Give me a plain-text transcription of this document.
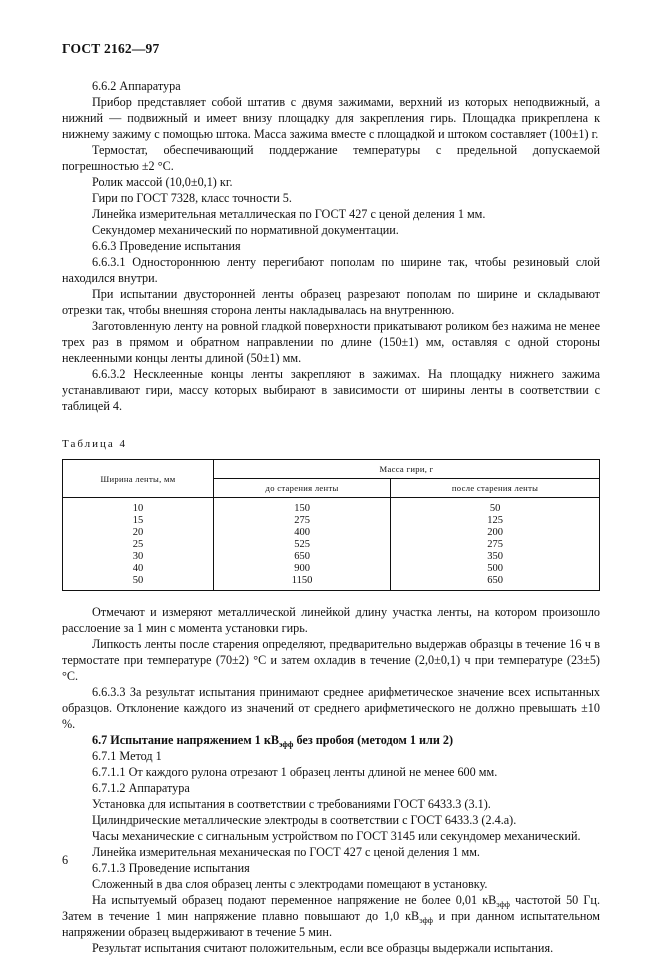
ГОСТ 2162—97

6.6.2 Аппаратура

Прибор представляет собой штатив с двумя зажимами, верхний из которых неподвижный, а нижний — подвижный и имеет внизу площадку для закрепления гирь. Площадка прикреплена к нижнему зажиму с помощью штока. Масса зажима вместе с площадкой и штоком составляет (100±1) г.

Термостат, обеспечивающий поддержание температуры с предельной допускаемой погрешностью ±2 °С.

Ролик массой (10,0±0,1) кг.

Гири по ГОСТ 7328, класс точности 5.

Линейка измерительная металлическая по ГОСТ 427 с ценой деления 1 мм.

Секундомер механический по нормативной документации.

6.6.3 Проведение испытания

6.6.3.1 Одностороннюю ленту перегибают пополам по ширине так, чтобы резиновый слой находился внутри.

При испытании двусторонней ленты образец разрезают пополам по ширине и складывают отрезки так, чтобы внешняя сторона ленты накладывалась на внутреннюю.

Заготовленную ленту на ровной гладкой поверхности прикатывают роликом без нажима не менее трех раз в прямом и обратном направлении по длине (150±1) мм, оставляя с одной стороны неклеенными концы ленты длиной (50±1) мм.

6.6.3.2 Несклеенные концы ленты закрепляют в зажимах. На площадку нижнего зажима устанавливают гири, массу которых выбирают в зависимости от ширины ленты в соответствии с таблицей 4.

Таблица 4

Ширина ленты, мм	Масса гири, г	
	до старения ленты	после старения ленты
10	150	50
15	275	125
20	400	200
25	525	275
30	650	350
40	900	500
50	1150	650

Отмечают и измеряют металлической линейкой длину участка ленты, на котором произошло расслоение за 1 мин с момента установки гирь.

Липкость ленты после старения определяют, предварительно выдержав образцы в течение 16 ч в термостате при температуре (70±2) °С и затем охладив в течение (2,0±0,1) ч при температуре (23±5) °С.

6.6.3.3 За результат испытания принимают среднее арифметическое значение всех испытанных образцов. Отклонение каждого из значений от среднего арифметического не должно превышать ±10 %.

6.7 Испытание напряжением 1 $кВ_{эфф}$ без пробоя (методом 1 или 2)

6.7.1 Метод 1

6.7.1.1 От каждого рулона отрезают 1 образец ленты длиной не менее 600 мм.

6.7.1.2 Аппаратура

Установка для испытания в соответствии с требованиями ГОСТ 6433.3 (3.1).

Цилиндрические металлические электроды в соответствии с ГОСТ 6433.3 (2.4.а).

Часы механические с сигнальным устройством по ГОСТ 3145 или секундомер механический.

Линейка измерительная механическая по ГОСТ 427 с ценой деления 1 мм.

6.7.1.3 Проведение испытания

Сложенный в два слоя образец ленты с электродами помещают в установку.

На испытуемый образец подают переменное напряжение не более 0,01 $кВ_{эфф}$ частотой 50 Гц. Затем в течение 1 мин напряжение плавно повышают до 1,0 $кВ_{эфф}$ и при данном испытательном напряжении образец выдерживают в течение 5 мин.

Результат испытания считают положительным, если все образцы выдержали испытания.

6
